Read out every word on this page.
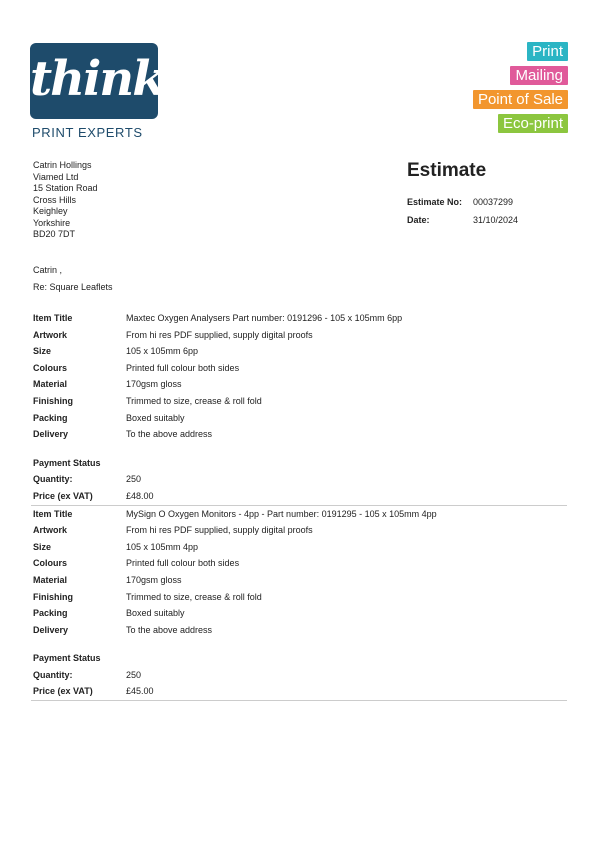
think
PRINT EXPERTS
Print
Mailing
Point of Sale
Eco-print
Catrin Hollings
Viamed Ltd
15 Station Road
Cross Hills
Keighley
Yorkshire
BD20 7DT
Estimate
Estimate No: 00037299
Date:	31/10/2024
Catrin ,
Re: Square Leaflets
Item Title	Maxtec Oxygen Analysers Part number: 0191296 - 105 x 105mm 6pp
Artwork	From hi res PDF supplied, supply digital proofs
Size	105 x 105mm 6pp
Colours	Printed full colour both sides
Material	170gsm gloss
Finishing	Trimmed to size, crease & roll fold
Packing	Boxed suitably
Delivery	To the above address
Payment Status
Quantity:	250
Price (ex VAT)	£48.00
Item Title	MySign O Oxygen Monitors - 4pp - Part number: 0191295 - 105 x 105mm 4pp
Artwork	From hi res PDF supplied, supply digital proofs
Size	105 x 105mm 4pp
Colours	Printed full colour both sides
Material	170gsm gloss
Finishing	Trimmed to size, crease & roll fold
Packing	Boxed suitably
Delivery	To the above address
Payment Status
Quantity:	250
Price (ex VAT)	£45.00
